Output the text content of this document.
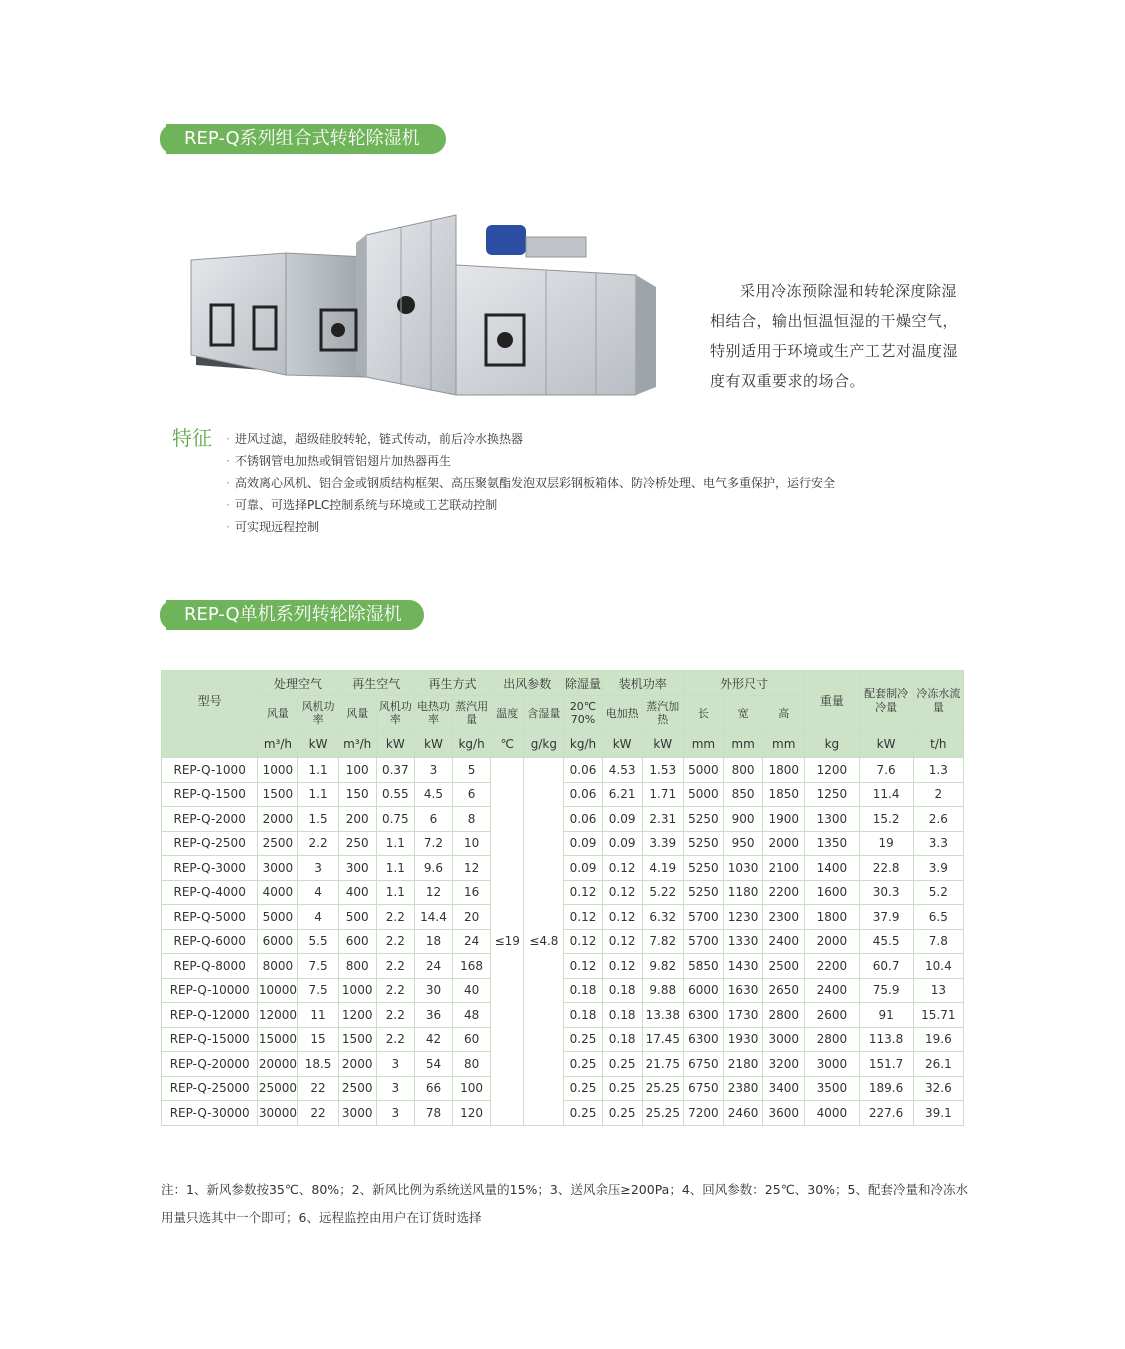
REP-Q系列组合式转轮除湿机
采用冷冻预除湿和转轮深度除湿相结合，输出恒温恒湿的干燥空气，特别适用于环境或生产工艺对温度湿度有双重要求的场合。
特征	· 进风过滤，超级硅胶转轮，链式传动，前后冷水换热器
· 不锈钢管电加热或铜管铝翅片加热器再生
· 高效离心风机、铝合金或钢质结构框架、高压聚氨酯发泡双层彩钢板箱体、防冷桥处理、电气多重保护，运行安全
· 可靠、可选择PLC控制系统与环境或工艺联动控制
· 可实现远程控制
REP-Q单机系列转轮除湿机
型号	处理空气		再生空气		再生方式		出风参数		除湿量	装机功率		外形尺寸			重量	配套制冷冷量	冷冻水流量
	风量	风机功率	风量	风机功率	电热功率	蒸汽用量	温度	含湿量	20℃ 70%	电加热	蒸汽加热	长	宽	高			
	m³/h	kW	m³/h	kW	kW	kg/h	℃	g/kg	kg/h	kW	kW	mm	mm	mm	kg	kW	t/h
REP-Q-1000	1000	1.1	100	0.37	3	5	≤19	≤4.8	0.06	4.53	1.53	5000	800	1800	1200	7.6	1.3
REP-Q-1500	1500	1.1	150	0.55	4.5	6			0.06	6.21	1.71	5000	850	1850	1250	11.4	2
REP-Q-2000	2000	1.5	200	0.75	6	8			0.06	0.09	2.31	5250	900	1900	1300	15.2	2.6
REP-Q-2500	2500	2.2	250	1.1	7.2	10			0.09	0.09	3.39	5250	950	2000	1350	19	3.3
REP-Q-3000	3000	3	300	1.1	9.6	12			0.09	0.12	4.19	5250	1030	2100	1400	22.8	3.9
REP-Q-4000	4000	4	400	1.1	12	16			0.12	0.12	5.22	5250	1180	2200	1600	30.3	5.2
REP-Q-5000	5000	4	500	2.2	14.4	20			0.12	0.12	6.32	5700	1230	2300	1800	37.9	6.5
REP-Q-6000	6000	5.5	600	2.2	18	24			0.12	0.12	7.82	5700	1330	2400	2000	45.5	7.8
REP-Q-8000	8000	7.5	800	2.2	24	168			0.12	0.12	9.82	5850	1430	2500	2200	60.7	10.4
REP-Q-10000	10000	7.5	1000	2.2	30	40			0.18	0.18	9.88	6000	1630	2650	2400	75.9	13
REP-Q-12000	12000	11	1200	2.2	36	48			0.18	0.18	13.38	6300	1730	2800	2600	91	15.71
REP-Q-15000	15000	15	1500	2.2	42	60			0.25	0.18	17.45	6300	1930	3000	2800	113.8	19.6
REP-Q-20000	20000	18.5	2000	3	54	80			0.25	0.25	21.75	6750	2180	3200	3000	151.7	26.1
REP-Q-25000	25000	22	2500	3	66	100			0.25	0.25	25.25	6750	2380	3400	3500	189.6	32.6
REP-Q-30000	30000	22	3000	3	78	120			0.25	0.25	25.25	7200	2460	3600	4000	227.6	39.1
注：1、新风参数按35℃、80%；2、新风比例为系统送风量的15%；3、送风余压≥200Pa；4、回风参数：25℃、30%；5、配套冷量和冷冻水用量只选其中一个即可；6、远程监控由用户在订货时选择
